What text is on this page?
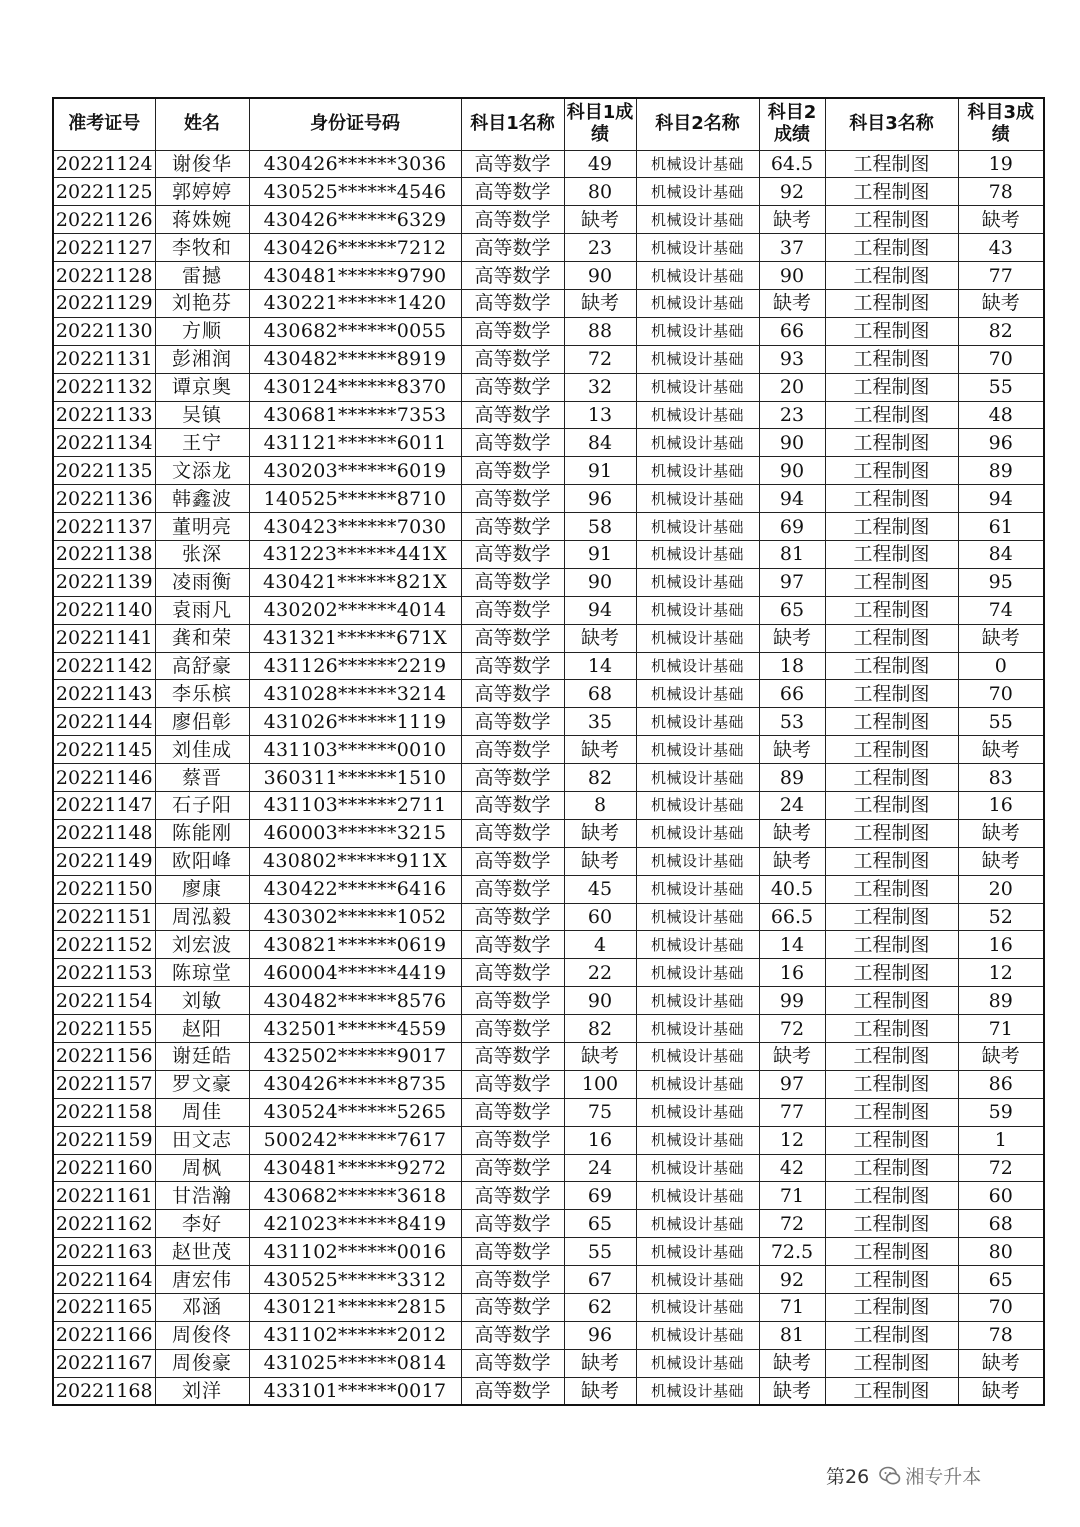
准考证号	姓名	身份证号码	科目1名称	科目1成绩	科目2名称	科目2成绩	科目3名称	科目3成绩
20221124	谢俊华	430426******3036	高等数学	49	机械设计基础	64.5	工程制图	19
20221125	郭婷婷	430525******4546	高等数学	80	机械设计基础	92	工程制图	78
20221126	蒋姝婉	430426******6329	高等数学	缺考	机械设计基础	缺考	工程制图	缺考
20221127	李牧和	430426******7212	高等数学	23	机械设计基础	37	工程制图	43
20221128	雷撼	430481******9790	高等数学	90	机械设计基础	90	工程制图	77
20221129	刘艳芬	430221******1420	高等数学	缺考	机械设计基础	缺考	工程制图	缺考
20221130	方顺	430682******0055	高等数学	88	机械设计基础	66	工程制图	82
20221131	彭湘润	430482******8919	高等数学	72	机械设计基础	93	工程制图	70
20221132	谭京奥	430124******8370	高等数学	32	机械设计基础	20	工程制图	55
20221133	吴镇	430681******7353	高等数学	13	机械设计基础	23	工程制图	48
20221134	王宁	431121******6011	高等数学	84	机械设计基础	90	工程制图	96
20221135	文添龙	430203******6019	高等数学	91	机械设计基础	90	工程制图	89
20221136	韩鑫波	140525******8710	高等数学	96	机械设计基础	94	工程制图	94
20221137	董明亮	430423******7030	高等数学	58	机械设计基础	69	工程制图	61
20221138	张深	431223******441X	高等数学	91	机械设计基础	81	工程制图	84
20221139	凌雨衡	430421******821X	高等数学	90	机械设计基础	97	工程制图	95
20221140	袁雨凡	430202******4014	高等数学	94	机械设计基础	65	工程制图	74
20221141	龚和荣	431321******671X	高等数学	缺考	机械设计基础	缺考	工程制图	缺考
20221142	高舒豪	431126******2219	高等数学	14	机械设计基础	18	工程制图	0
20221143	李乐槟	431028******3214	高等数学	68	机械设计基础	66	工程制图	70
20221144	廖侣彰	431026******1119	高等数学	35	机械设计基础	53	工程制图	55
20221145	刘佳成	431103******0010	高等数学	缺考	机械设计基础	缺考	工程制图	缺考
20221146	蔡晋	360311******1510	高等数学	82	机械设计基础	89	工程制图	83
20221147	石子阳	431103******2711	高等数学	8	机械设计基础	24	工程制图	16
20221148	陈能刚	460003******3215	高等数学	缺考	机械设计基础	缺考	工程制图	缺考
20221149	欧阳峰	430802******911X	高等数学	缺考	机械设计基础	缺考	工程制图	缺考
20221150	廖康	430422******6416	高等数学	45	机械设计基础	40.5	工程制图	20
20221151	周泓毅	430302******1052	高等数学	60	机械设计基础	66.5	工程制图	52
20221152	刘宏波	430821******0619	高等数学	4	机械设计基础	14	工程制图	16
20221153	陈琼堂	460004******4419	高等数学	22	机械设计基础	16	工程制图	12
20221154	刘敏	430482******8576	高等数学	90	机械设计基础	99	工程制图	89
20221155	赵阳	432501******4559	高等数学	82	机械设计基础	72	工程制图	71
20221156	谢廷皓	432502******9017	高等数学	缺考	机械设计基础	缺考	工程制图	缺考
20221157	罗文豪	430426******8735	高等数学	100	机械设计基础	97	工程制图	86
20221158	周佳	430524******5265	高等数学	75	机械设计基础	77	工程制图	59
20221159	田文志	500242******7617	高等数学	16	机械设计基础	12	工程制图	1
20221160	周枫	430481******9272	高等数学	24	机械设计基础	42	工程制图	72
20221161	甘浩瀚	430682******3618	高等数学	69	机械设计基础	71	工程制图	60
20221162	李好	421023******8419	高等数学	65	机械设计基础	72	工程制图	68
20221163	赵世茂	431102******0016	高等数学	55	机械设计基础	72.5	工程制图	80
20221164	唐宏伟	430525******3312	高等数学	67	机械设计基础	92	工程制图	65
20221165	邓涵	430121******2815	高等数学	62	机械设计基础	71	工程制图	70
20221166	周俊佟	431102******2012	高等数学	96	机械设计基础	81	工程制图	78
20221167	周俊豪	431025******0814	高等数学	缺考	机械设计基础	缺考	工程制图	缺考
20221168	刘洋	433101******0017	高等数学	缺考	机械设计基础	缺考	工程制图	缺考
第26 湘专升本
